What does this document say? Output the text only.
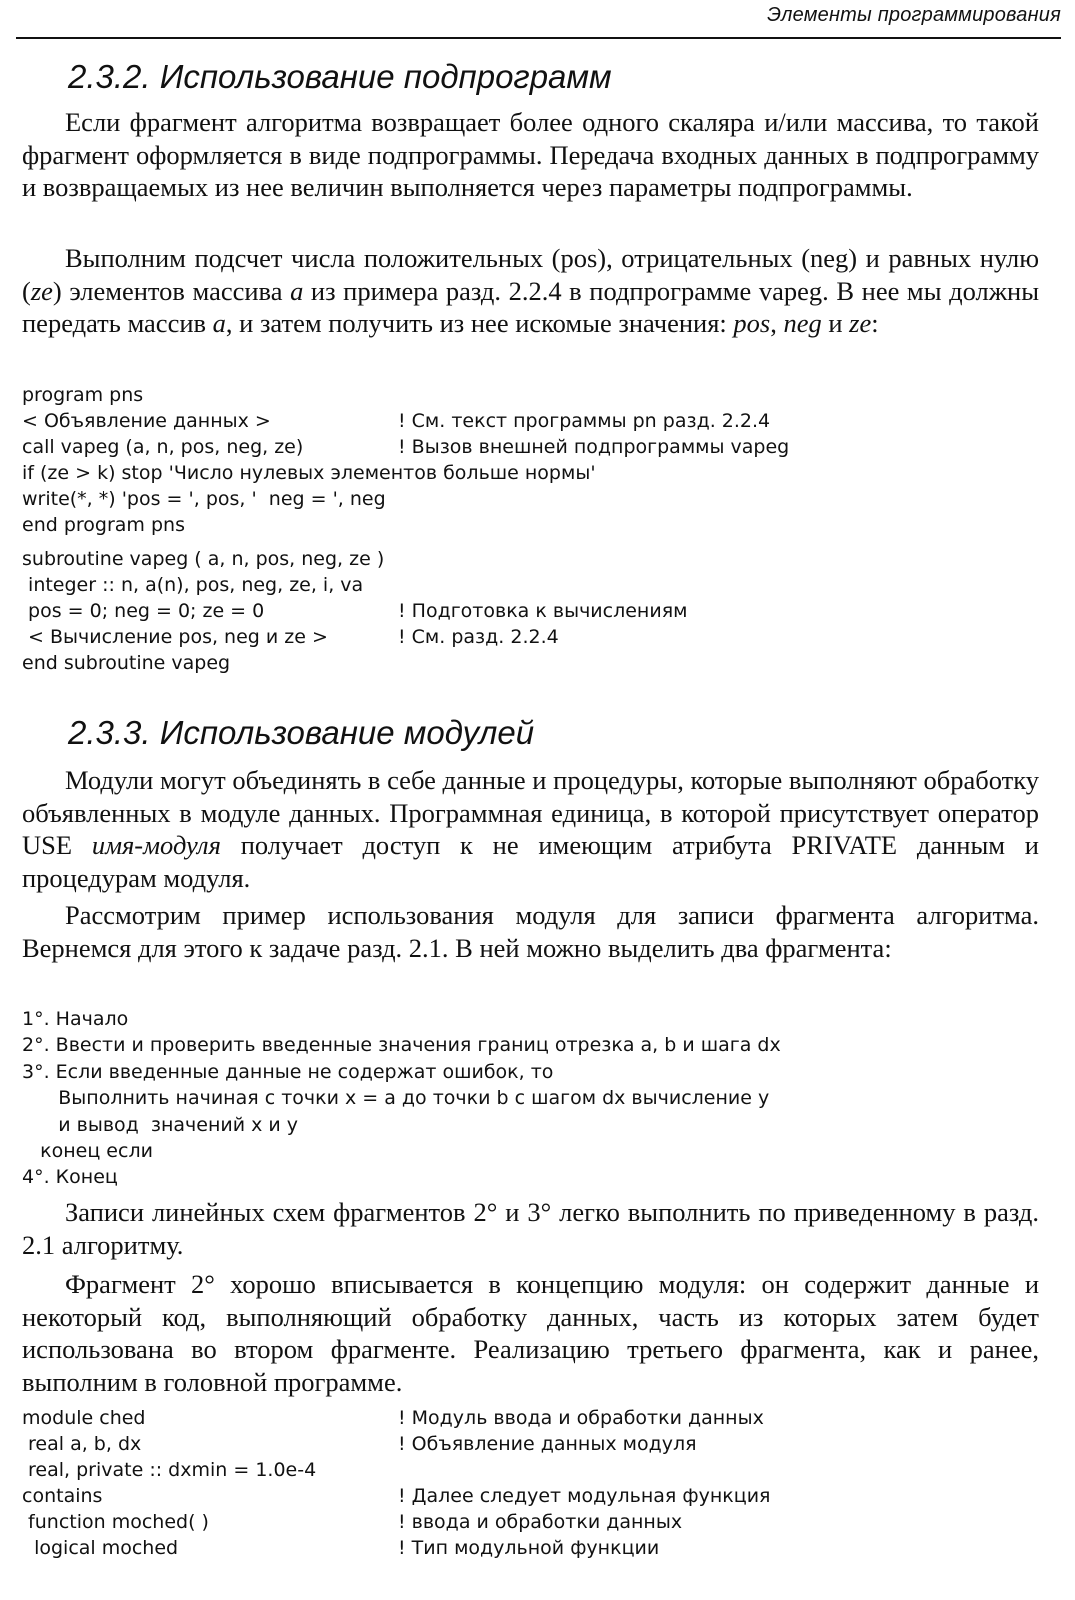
Элементы программирования
2.3.2. Использование подпрограмм

Если фрагмент алгоритма возвращает более одного скаляра и/или массива, то такой фрагмент оформляется в виде подпрограммы. Передача входных данных в подпрограмму и возвращаемых из нее величин выполняется через параметры подпрограммы.

Выполним подсчет числа положительных (pos), отрицательных (neg) и равных нулю (ze) элементов массива a из примера разд. 2.2.4 в подпрограмме vapeg. В нее мы должны передать массив a, и затем получить из нее искомые значения: pos, neg и ze:

program pns
< Объявление данных >	! См. текст программы pn разд. 2.2.4
call vapeg (a, n, pos, neg, ze)	! Вызов внешней подпрограммы vapeg
if (ze > k) stop 'Число нулевых элементов больше нормы'
write(*, *) 'pos = ', pos, '  neg = ', neg
end program pns
subroutine vapeg ( a, n, pos, neg, ze )
integer :: n, a(n), pos, neg, ze, i, va
pos = 0; neg = 0; ze = 0	! Подготовка к вычислениям
< Вычисление pos, neg и ze >	! См. разд. 2.2.4
end subroutine vapeg
2.3.3. Использование модулей

Модули могут объединять в себе данные и процедуры, которые выполняют обработку объявленных в модуле данных. Программная единица, в которой присутствует оператор USE имя-модуля получает доступ к не имеющим атрибута PRIVATE данным и процедурам модуля.

Рассмотрим пример использования модуля для записи фрагмента алгоритма. Вернемся для этого к задаче разд. 2.1. В ней можно выделить два фрагмента:

1°. Начало
2°. Ввести и проверить введенные значения границ отрезка a, b и шага dx
3°. Если введенные данные не содержат ошибок, то
Выполнить начиная с точки x = a до точки b с шагом dx вычисление y
и вывод  значений x и y
конец если
4°. Конец

Записи линейных схем фрагментов 2° и 3° легко выполнить по приведенному в разд. 2.1 алгоритму.

Фрагмент 2° хорошо вписывается в концепцию модуля: он содержит данные и некоторый код, выполняющий обработку данных, часть из которых затем будет использована во втором фрагменте. Реализацию третьего фрагмента, как и ранее, выполним в головной программе.

module ched	! Модуль ввода и обработки данных
real a, b, dx	! Объявление данных модуля
real, private :: dxmin = 1.0e-4
contains	! Далее следует модульная функция
function moched( )	! ввода и обработки данных
logical moched	! Тип модульной функции
